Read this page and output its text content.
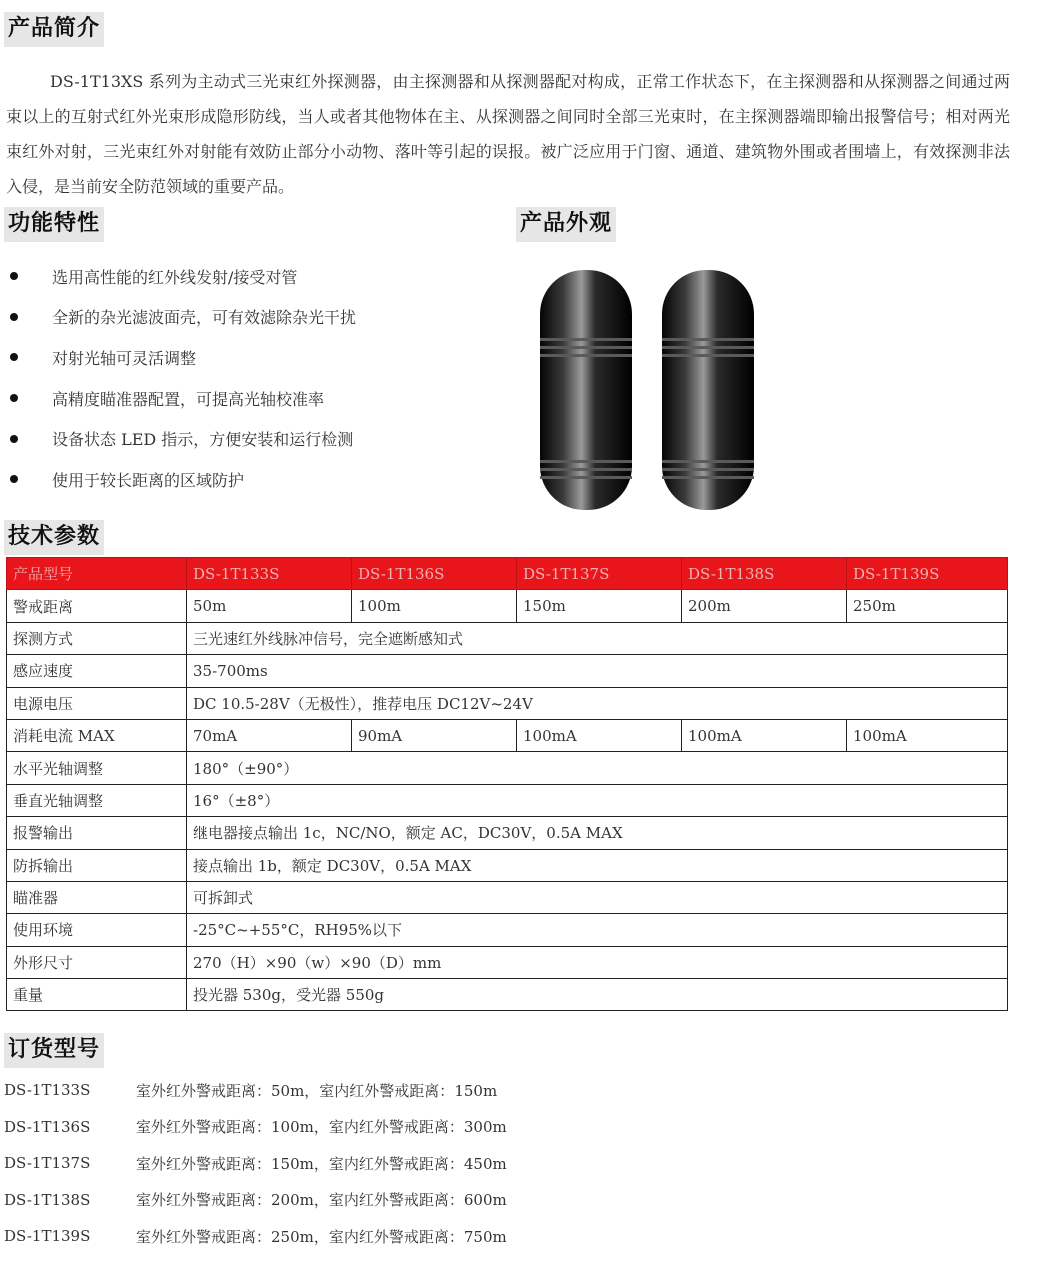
产品简介

DS-1T13XS 系列为主动式三光束红外探测器，由主探测器和从探测器配对构成，正常工作状态下，在主探测器和从探测器之间通过两束以上的互射式红外光束形成隐形防线，当人或者其他物体在主、从探测器之间同时全部三光束时，在主探测器端即输出报警信号；相对两光束红外对射，三光束红外对射能有效防止部分小动物、落叶等引起的误报。被广泛应用于门窗、通道、建筑物外围或者围墙上，有效探测非法入侵，是当前安全防范领域的重要产品。

功能特性
选用高性能的红外线发射/接受对管
全新的杂光滤波面壳，可有效滤除杂光干扰
对射光轴可灵活调整
高精度瞄准器配置，可提高光轴校准率
设备状态 LED 指示，方便安装和运行检测
使用于较长距离的区域防护
产品外观
技术参数
产品型号	DS-1T133S	DS-1T136S	DS-1T137S	DS-1T138S	DS-1T139S
警戒距离	50m	100m	150m	200m	250m
探测方式	三光速红外线脉冲信号，完全遮断感知式				
感应速度	35-700ms				
电源电压	DC 10.5-28V（无极性），推荐电压 DC12V~24V				
消耗电流 MAX	70mA	90mA	100mA	100mA	100mA
水平光轴调整	180°（±90°）				
垂直光轴调整	16°（±8°）				
报警输出	继电器接点输出 1c，NC/NO，额定 AC，DC30V，0.5A MAX				
防拆输出	接点输出 1b，额定 DC30V，0.5A MAX				
瞄准器	可拆卸式				
使用环境	-25°C~+55°C，RH95%以下				
外形尺寸	270（H）×90（w）×90（D）mm				
重量	投光器 530g，受光器 550g				
订货型号
DS-1T133S	室外红外警戒距离：50m，室内红外警戒距离：150m
DS-1T136S	室外红外警戒距离：100m，室内红外警戒距离：300m
DS-1T137S	室外红外警戒距离：150m，室内红外警戒距离：450m
DS-1T138S	室外红外警戒距离：200m，室内红外警戒距离：600m
DS-1T139S	室外红外警戒距离：250m，室内红外警戒距离：750m
